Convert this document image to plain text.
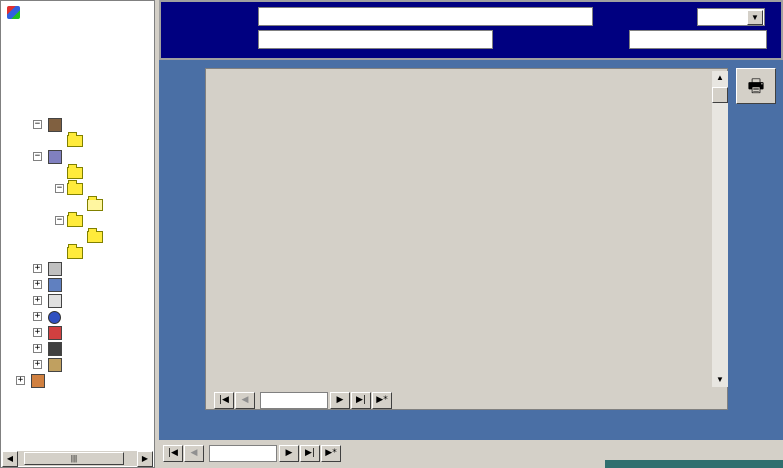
−
−
−
−
+
+
+
+
+
+
+
+
◀	|||	▶
▼
▲
▼
|◀	◀	▶	▶|	▶*
🖶
|◀	◀	▶	▶|	▶*
